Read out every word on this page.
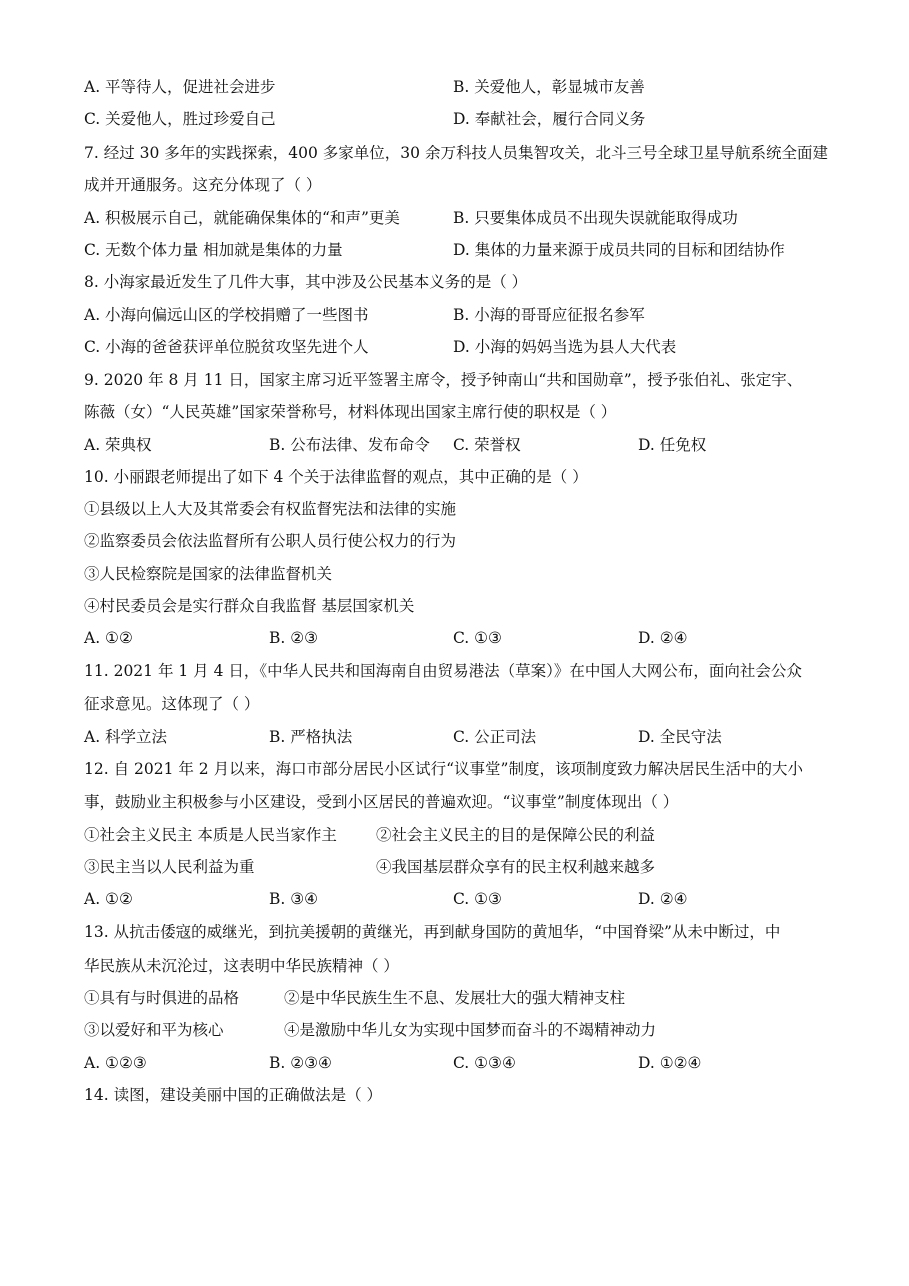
A. 平等待人，促进社会进步	B. 关爱他人，彰显城市友善
C. 关爱他人，胜过珍爱自己	D. 奉献社会，履行合同义务
7. 经过 30 多年的实践探索，400 多家单位，30 余万科技人员集智攻关，北斗三号全球卫星导航系统全面建
成并开通服务。这充分体现了（ ）
A. 积极展示自己，就能确保集体的“和声”更美	B. 只要集体成员不出现失误就能取得成功
C. 无数个体力量 相加就是集体的力量	D. 集体的力量来源于成员共同的目标和团结协作
8. 小海家最近发生了几件大事，其中涉及公民基本义务的是（ ）
A. 小海向偏远山区的学校捐赠了一些图书	B. 小海的哥哥应征报名参军
C. 小海的爸爸获评单位脱贫攻坚先进个人	D. 小海的妈妈当选为县人大代表
9. 2020 年 8 月 11 日，国家主席习近平签署主席令，授予钟南山“共和国勋章”，授予张伯礼、张定宇、
陈薇（女）“人民英雄”国家荣誉称号，材料体现出国家主席行使的职权是（ ）
A. 荣典权	B. 公布法律、发布命令 C. 荣誉权	D. 任免权
10. 小丽跟老师提出了如下 4 个关于法律监督的观点，其中正确的是（ ）
①县级以上人大及其常委会有权监督宪法和法律的实施
②监察委员会依法监督所有公职人员行使公权力的行为
③人民检察院是国家的法律监督机关
④村民委员会是实行群众自我监督 基层国家机关
A. ①②	B. ②③	C. ①③	D. ②④
11. 2021 年 1 月 4 日，《中华人民共和国海南自由贸易港法（草案）》在中国人大网公布，面向社会公众
征求意见。这体现了（ ）
A. 科学立法	B. 严格执法	C. 公正司法	D. 全民守法
12. 自 2021 年 2 月以来，海口市部分居民小区试行“议事堂”制度，该项制度致力解决居民生活中的大小
事，鼓励业主积极参与小区建设，受到小区居民的普遍欢迎。“议事堂”制度体现出（ ）
①社会主义民主 本质是人民当家作主	②社会主义民主的目的是保障公民的利益
③民主当以人民利益为重	④我国基层群众享有的民主权利越来越多
A. ①②	B. ③④	C. ①③	D. ②④
13. 从抗击倭寇的威继光，到抗美援朝的黄继光，再到献身国防的黄旭华，“中国脊梁”从未中断过，中
华民族从未沉沦过，这表明中华民族精神（ ）
①具有与时俱进的品格	②是中华民族生生不息、发展壮大的强大精神支柱
③以爱好和平为核心	④是激励中华儿女为实现中国梦而奋斗的不竭精神动力
A. ①②③	B. ②③④	C. ①③④	D. ①②④
14. 读图，建设美丽中国的正确做法是（ ）
